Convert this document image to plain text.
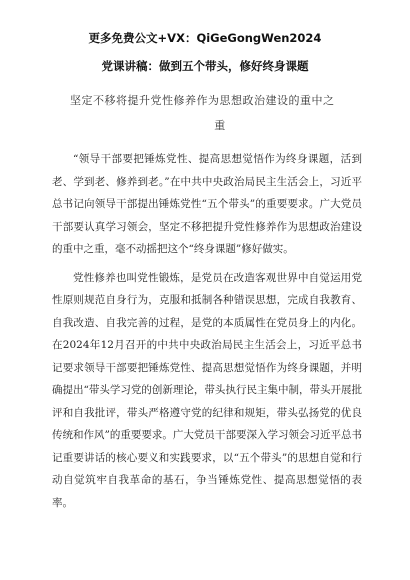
更多免费公文+VX：QiGeGongWen2024
党课讲稿：做到五个带头，修好终身课题
坚定不移将提升党性修养作为思想政治建设的重中之
重

“领导干部要把锤炼党性、提高思想觉悟作为终身课题，活到老、学到老、修养到老。”在中共中央政治局民主生活会上，习近平总书记向领导干部提出锤炼党性“五个带头”的重要要求。广大党员干部要认真学习领会，坚定不移把提升党性修养作为思想政治建设的重中之重，毫不动摇把这个“终身课题”修好做实。

党性修养也叫党性锻炼，是党员在改造客观世界中自觉运用党性原则规范自身行为，克服和抵制各种错误思想，完成自我教育、自我改造、自我完善的过程，是党的本质属性在党员身上的内化。在2024年12月召开的中共中央政治局民主生活会上，习近平总书记要求领导干部要把锤炼党性、提高思想觉悟作为终身课题，并明确提出“带头学习党的创新理论，带头执行民主集中制，带头开展批评和自我批评，带头严格遵守党的纪律和规矩，带头弘扬党的优良传统和作风”的重要要求。广大党员干部要深入学习领会习近平总书记重要讲话的核心要义和实践要求，以“五个带头”的思想自觉和行动自觉筑牢自我革命的基石，争当锤炼党性、提高思想觉悟的表率。
